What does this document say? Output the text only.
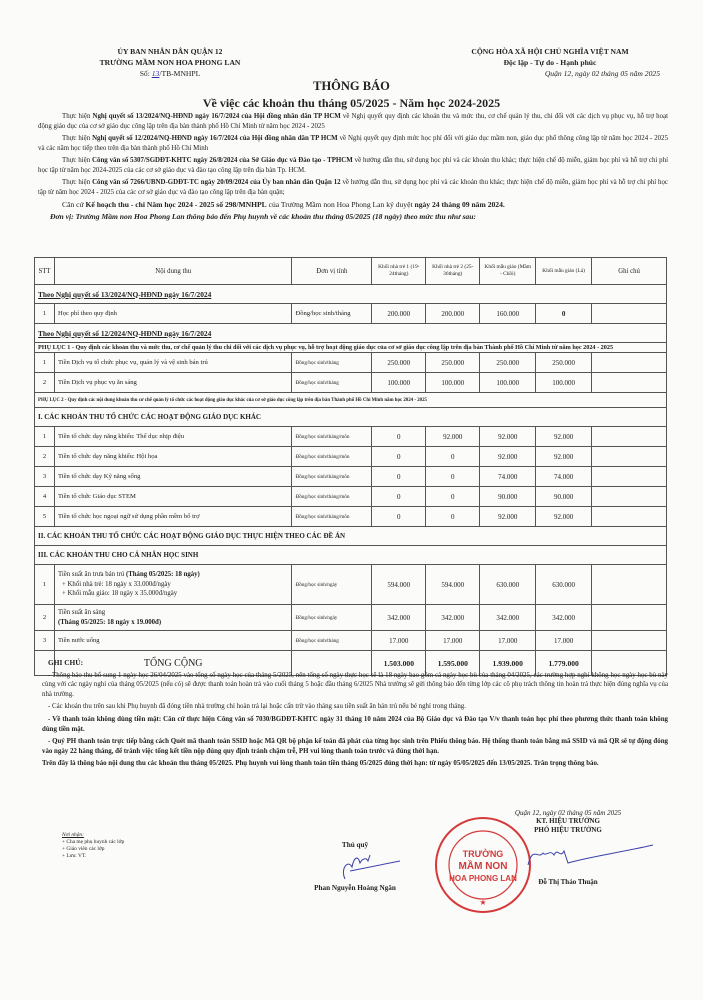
ỦY BAN NHÂN DÂN QUẬN 12
TRƯỜNG MẦM NON HOA PHONG LAN
Số: 13/TB-MNHPL
CỘNG HÒA XÃ HỘI CHỦ NGHĨA VIỆT NAM
Độc lập - Tự do - Hạnh phúc
Quận 12, ngày 02 tháng 05 năm 2025
THÔNG BÁO
Về việc các khoản thu tháng 05/2025 - Năm học 2024-2025

Thực hiện Nghị quyết số 13/2024/NQ-HĐND ngày 16/7/2024 của Hội đồng nhân dân TP HCM về Nghị quyết quy định các khoản thu và mức thu, cơ chế quản lý thu, chi đối với các dịch vụ phục vụ, hỗ trợ hoạt động giáo dục của cơ sở giáo dục công lập trên địa bàn thành phố Hồ Chí Minh từ năm học 2024 - 2025

Thực hiện Nghị quyết số 12/2024/NQ-HĐND ngày 16/7/2024 của Hội đồng nhân dân TP HCM về Nghị quyết quy định mức học phí đối với giáo dục mầm non, giáo dục phổ thông công lập từ năm học 2024 - 2025 và các năm học tiếp theo trên địa bàn thành phố Hồ Chí Minh

Thực hiện Công văn số 5307/SGDĐT-KHTC ngày 26/8/2024 của Sở Giáo dục và Đào tạo - TPHCM về hướng dẫn thu, sử dụng học phí và các khoản thu khác; thực hiện chế độ miễn, giảm học phí và hỗ trợ chi phí học tập từ năm học 2024-2025 của các cơ sở giáo dục và đào tạo công lập trên địa bàn Tp. HCM.

Thực hiện Công văn số 7266/UBND-GDĐT-TC ngày 20/09/2024 của Ủy ban nhân dân Quận 12 về hướng dẫn thu, sử dụng học phí và các khoản thu khác; thực hiện chế độ miễn, giảm học phí và hỗ trợ chi phí học tập từ năm học 2024 - 2025 của các cơ sở giáo dục và đào tạo công lập trên địa bàn quận;

Căn cứ Kế hoạch thu - chi Năm học 2024 - 2025 số 298/MNHPL của Trường Mầm non Hoa Phong Lan ký duyệt ngày 24 tháng 09 năm 2024.

Đơn vị: Trường Mầm non Hoa Phong Lan thông báo đến Phụ huynh về các khoản thu tháng 05/2025 (18 ngày) theo mức thu như sau:

STT	Nội dung thu	Đơn vị tính	Khối nhà trẻ 1 (19-24tháng)	Khối nhà trẻ 2 (25-36tháng)	Khối mẫu giáo (Mầm - Chồi)	Khối mẫu giáo (Lá)	Ghi chú
Theo Nghị quyết số 13/2024/NQ-HĐND ngày 16/7/2024							
1	Học phí theo quy định	Đồng/học sinh/tháng	200.000	200.000	160.000	0	
Theo Nghị quyết số 12/2024/NQ-HĐND ngày 16/7/2024							
PHỤ LỤC 1 - Quy định các khoản thu và mức thu, cơ chế quản lý thu chi đối với các dịch vụ phục vụ, hỗ trợ hoạt động giáo dục của cơ sở giáo dục công lập trên địa bàn Thành phố Hồ Chí Minh từ năm học 2024 - 2025							
1	Tiền Dịch vụ tổ chức phục vụ, quản lý và vệ sinh bán trú	Đồng/học sinh/tháng	250.000	250.000	250.000	250.000	
2	Tiền Dịch vụ phục vụ ăn sáng	Đồng/học sinh/tháng	100.000	100.000	100.000	100.000	
PHỤ LỤC 2 - Quy định các nội dung khoản thu cơ chế quản lý tổ chức các hoạt động giáo dục khác của cơ sở giáo dục công lập trên địa bàn Thành phố Hồ Chí Minh năm học 2024 - 2025							
I. CÁC KHOẢN THU TỔ CHỨC CÁC HOẠT ĐỘNG GIÁO DỤC KHÁC							
1	Tiền tổ chức dạy năng khiếu: Thể dục nhịp điệu	Đồng/học sinh/tháng/môn	0	92.000	92.000	92.000	
2	Tiền tổ chức dạy năng khiếu: Hội họa	Đồng/học sinh/tháng/môn	0	0	92.000	92.000	
3	Tiền tổ chức dạy Kỹ năng sống	Đồng/học sinh/tháng/môn	0	0	74.000	74.000	
4	Tiền tổ chức Giáo dục STEM	Đồng/học sinh/tháng/môn	0	0	90.000	90.000	
5	Tiền tổ chức học ngoại ngữ sử dụng phần mềm bổ trợ	Đồng/học sinh/tháng/môn	0	0	92.000	92.000	
II. CÁC KHOẢN THU TỔ CHỨC CÁC HOẠT ĐỘNG GIÁO DỤC THỰC HIỆN THEO CÁC ĐỀ ÁN							
III. CÁC KHOẢN THU CHO CÁ NHÂN HỌC SINH							
1	Tiền suất ăn trưa bán trú (Tháng 05/2025: 18 ngày)
+ Khối nhà trẻ: 18 ngày x 33.000đ/ngày
+ Khối mẫu giáo: 18 ngày x 35.000đ/ngày	Đồng/học sinh/ngày	594.000	594.000	630.000	630.000	
2	Tiền suất ăn sáng
(Tháng 05/2025: 18 ngày x 19.000đ)	Đồng/học sinh/ngày	342.000	342.000	342.000	342.000	
3	Tiền nước uống	Đồng/học sinh/tháng	17.000	17.000	17.000	17.000	
	TỔNG CỘNG		1.503.000	1.595.000	1.939.000	1.779.000	
GHI CHÚ:

- Thông báo thu bổ sung 1 ngày học 26/04/2025 vào tổng số ngày học của tháng 5/2025, nên tổng số ngày thực học sẽ là 18 ngày bao gồm cả ngày học bù của tháng 04/2025, các trường hợp nghỉ không học ngày học bù này cùng với các ngày nghỉ của tháng 05/2025 (nếu có) sẽ được thanh toán hoàn trả vào cuối tháng 5 hoặc đầu tháng 6/2025 Nhà trường sẽ gửi thông báo đến từng lớp các cô phụ trách thông tin hoàn trả thực hiện đúng nghĩa vụ của nhà trường.

- Các khoản thu trên sau khi Phụ huynh đã đóng tiền nhà trường chỉ hoàn trả lại hoặc cấn trừ vào tháng sau tiền suất ăn bán trú nếu bé nghỉ trong tháng.

- Về thanh toán không dùng tiền mặt: Căn cứ thực hiện Công văn số 7030/BGDĐT-KHTC ngày 31 tháng 10 năm 2024 của Bộ Giáo dục và Đào tạo V/v thanh toán học phí theo phương thức thanh toán không dùng tiền mặt.

- Quý PH thanh toán trực tiếp bằng cách Quét mã thanh toán SSID hoặc Mã QR bộ phận kế toán đã phát của từng học sinh trên Phiếu thông báo. Hệ thống thanh toán bằng mã SSID và mã QR sẽ tự động đóng vào ngày 22 hàng tháng, để tránh việc tổng kết tiền nộp đúng quy định tránh chậm trễ, PH vui lòng thanh toán trước và đúng thời hạn.

Trên đây là thông báo nội dung thu các khoản thu tháng 05/2025. Phụ huynh vui lòng thanh toán tiền tháng 05/2025 đúng thời hạn: từ ngày 05/05/2025 đến 13/05/2025. Trân trọng thông báo.

Nơi nhận:
+ Cha mẹ phụ huynh các lớp
+ Giáo viên các lớp
+ Lưu: VT.
Thủ quỹ
Phan Nguyễn Hoàng Ngân
TRƯỜNG
MẦM NON
HOA PHONG LAN
★
Quận 12, ngày 02 tháng 05 năm 2025
KT. HIỆU TRƯỞNG
PHÓ HIỆU TRƯỞNG
Đỗ Thị Thảo Thuận
